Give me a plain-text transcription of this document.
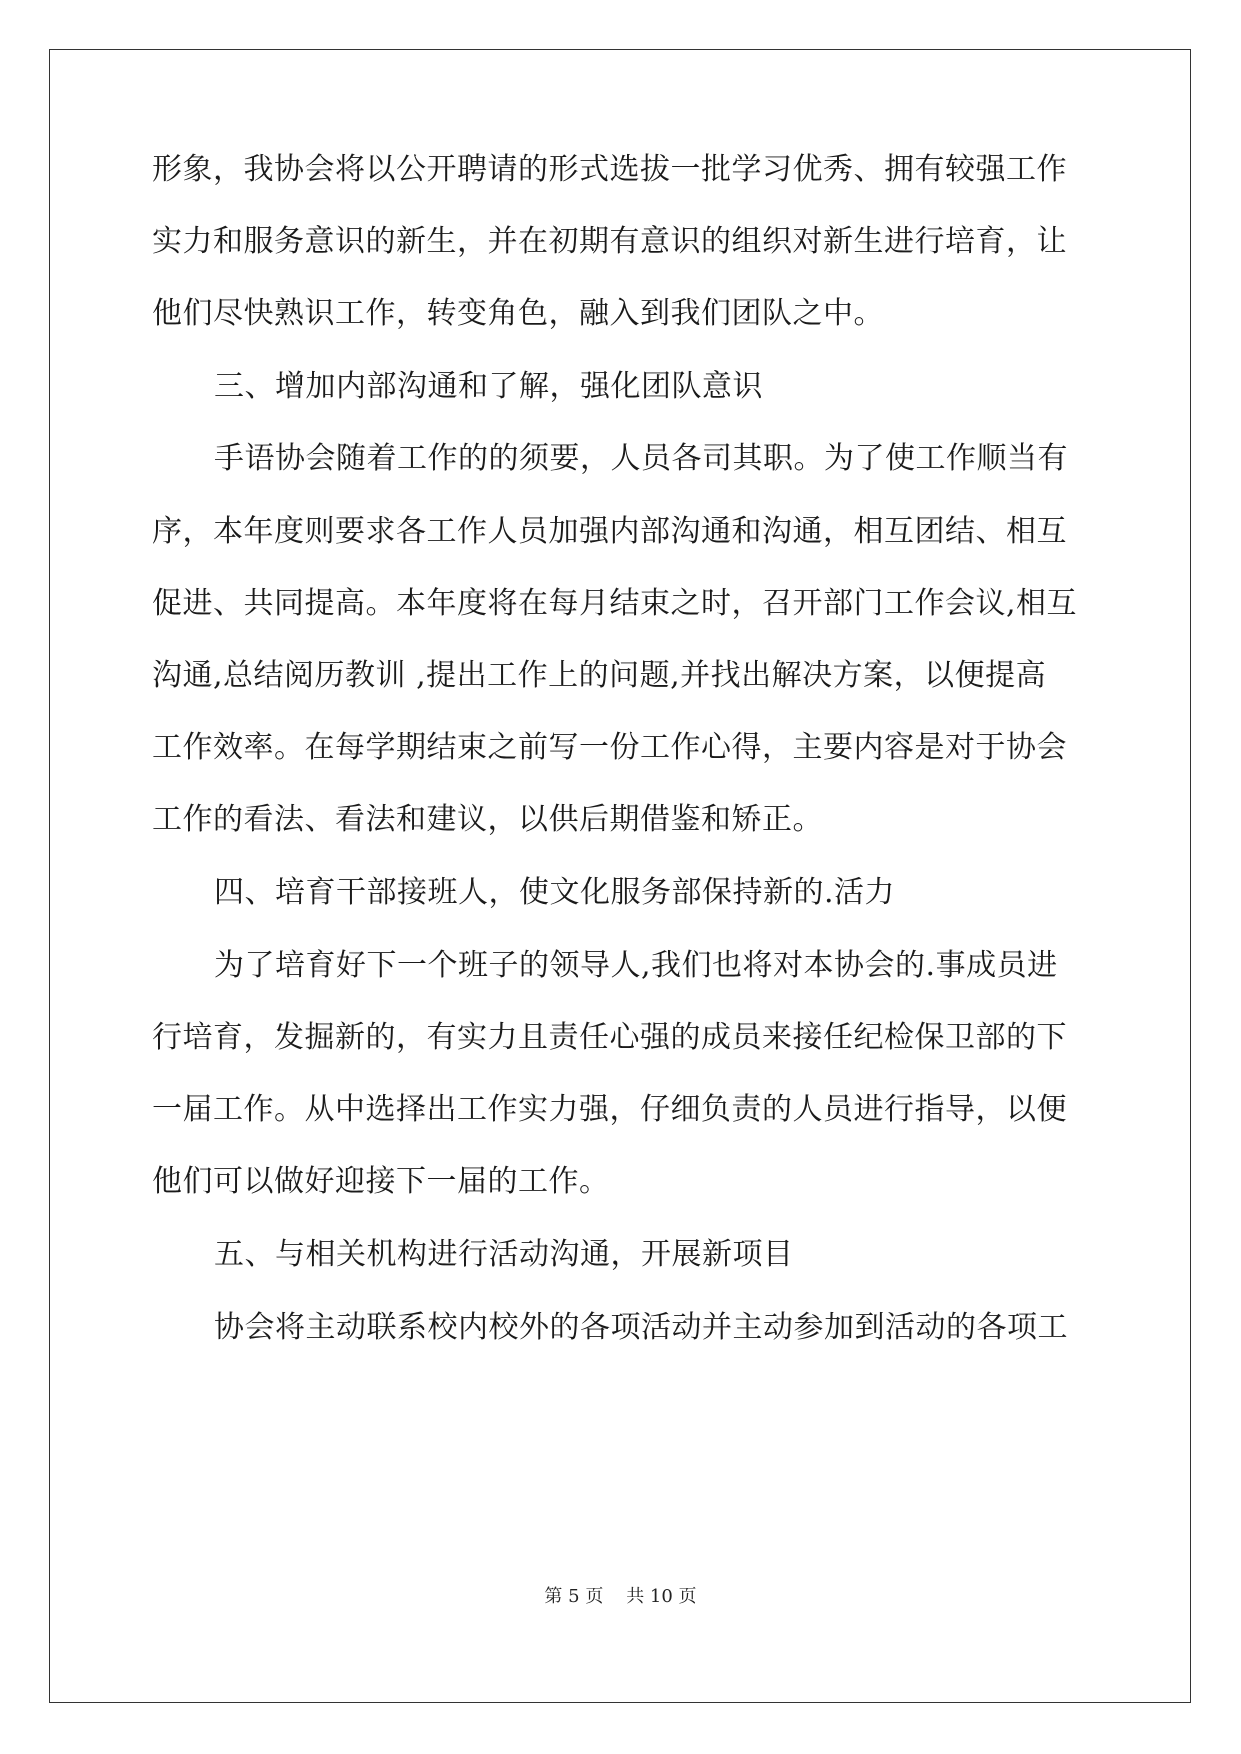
形象，我协会将以公开聘请的形式选拔一批学习优秀、拥有较强工作
实力和服务意识的新生，并在初期有意识的组织对新生进行培育，让
他们尽快熟识工作，转变角色，融入到我们团队之中。
三、增加内部沟通和了解，强化团队意识
手语协会随着工作的的须要，人员各司其职。为了使工作顺当有
序，本年度则要求各工作人员加强内部沟通和沟通，相互团结、相互
促进、共同提高。本年度将在每月结束之时，召开部门工作会议,相互
沟通,总结阅历教训 ,提出工作上的问题,并找出解决方案，以便提高
工作效率。在每学期结束之前写一份工作心得，主要内容是对于协会
工作的看法、看法和建议，以供后期借鉴和矫正。
四、培育干部接班人，使文化服务部保持新的.活力
为了培育好下一个班子的领导人,我们也将对本协会的.事成员进
行培育，发掘新的，有实力且责任心强的成员来接任纪检保卫部的下
一届工作。从中选择出工作实力强，仔细负责的人员进行指导，以便
他们可以做好迎接下一届的工作。
五、与相关机构进行活动沟通，开展新项目
协会将主动联系校内校外的各项活动并主动参加到活动的各项工
第 5 页    共 10 页
